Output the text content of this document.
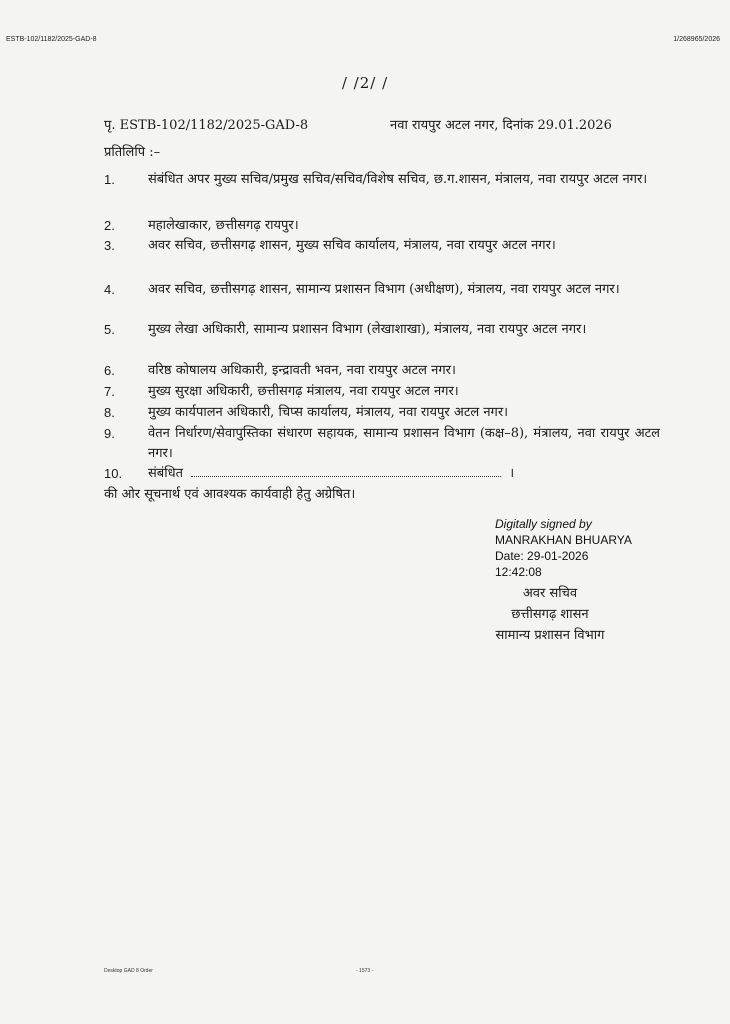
ESTB-102/1182/2025-GAD-8	1/268965/2026
/ /2/ /
पृ. ESTB-102/1182/2025-GAD-8	नवा रायपुर अटल नगर, दिनांक 29.01.2026
प्रतिलिपि :–
1.	संबंधित अपर मुख्य सचिव/प्रमुख सचिव/सचिव/विशेष सचिव, छ.ग.शासन, मंत्रालय, नवा रायपुर अटल नगर।
2.	महालेखाकार, छत्तीसगढ़ रायपुर।
3.	अवर सचिव, छत्तीसगढ़ शासन, मुख्य सचिव कार्यालय, मंत्रालय, नवा रायपुर अटल नगर।
4.	अवर सचिव, छत्तीसगढ़ शासन, सामान्य प्रशासन विभाग (अधीक्षण), मंत्रालय, नवा रायपुर अटल नगर।
5.	मुख्य लेखा अधिकारी, सामान्य प्रशासन विभाग (लेखाशाखा), मंत्रालय, नवा रायपुर अटल नगर।
6.	वरिष्ठ कोषालय अधिकारी, इन्द्रावती भवन, नवा रायपुर अटल नगर।
7.	मुख्य सुरक्षा अधिकारी, छत्तीसगढ़ मंत्रालय, नवा रायपुर अटल नगर।
8.	मुख्य कार्यपालन अधिकारी, चिप्स कार्यालय, मंत्रालय, नवा रायपुर अटल नगर।
9.	वेतन निर्धारण/सेवापुस्तिका संधारण सहायक, सामान्य प्रशासन विभाग (कक्ष–8), मंत्रालय, नवा रायपुर अटल नगर।
10. संबंधित	।
की ओर सूचनार्थ एवं आवश्यक कार्यवाही हेतु अग्रेषित।
Digitally signed by
MANRAKHAN BHUARYA
Date: 29-01-2026
12:42:08
अवर सचिव
छत्तीसगढ़ शासन
सामान्य प्रशासन विभाग
Desktop GAD 8 Order	- 1573 -
